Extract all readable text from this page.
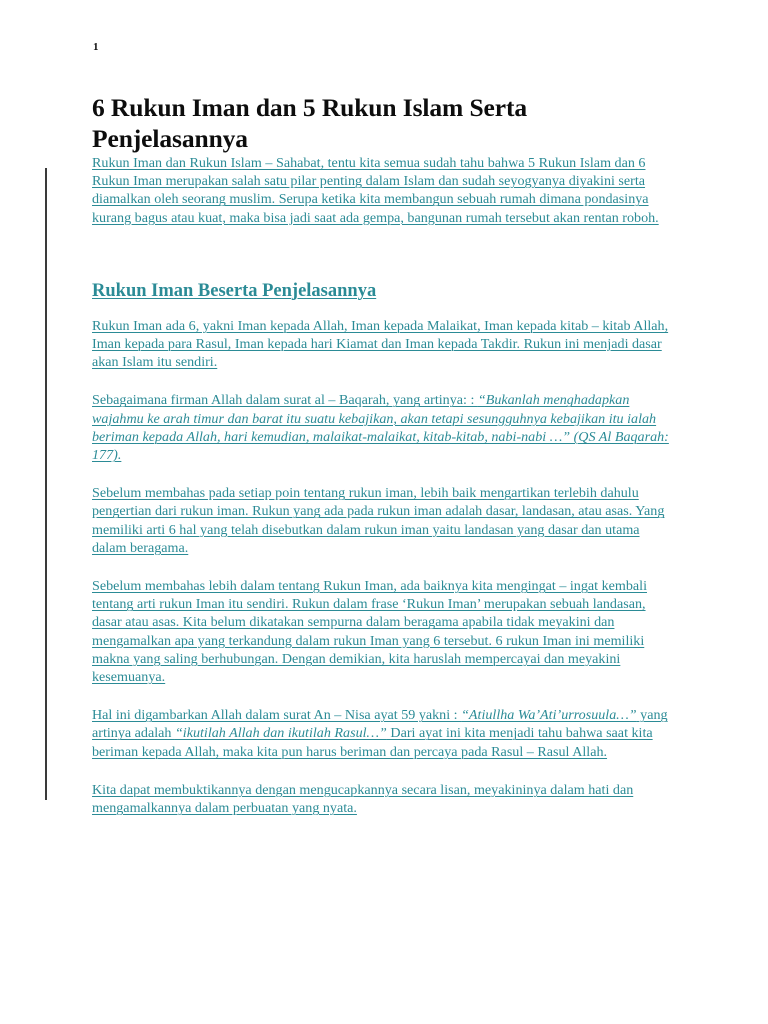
1
6 Rukun Iman dan 5 Rukun Islam Serta Penjelasannya

Rukun Iman dan Rukun Islam – Sahabat, tentu kita semua sudah tahu bahwa 5 Rukun Islam dan 6 Rukun Iman merupakan salah satu pilar penting dalam Islam dan sudah seyogyanya diyakini serta diamalkan oleh seorang muslim. Serupa ketika kita membangun sebuah rumah dimana pondasinya kurang bagus atau kuat, maka bisa jadi saat ada gempa, bangunan rumah tersebut akan rentan roboh.

Rukun Iman Beserta Penjelasannya

Rukun Iman ada 6, yakni Iman kepada Allah, Iman kepada Malaikat, Iman kepada kitab – kitab Allah, Iman kepada para Rasul, Iman kepada hari Kiamat dan Iman kepada Takdir. Rukun ini menjadi dasar akan Islam itu sendiri.

Sebagaimana firman Allah dalam surat al – Baqarah, yang artinya: : “Bukanlah menghadapkan wajahmu ke arah timur dan barat itu suatu kebajikan, akan tetapi sesungguhnya kebajikan itu ialah beriman kepada Allah, hari kemudian, malaikat-malaikat, kitab-kitab, nabi-nabi …” (QS Al Baqarah: 177).

Sebelum membahas pada setiap poin tentang rukun iman, lebih baik mengartikan terlebih dahulu pengertian dari rukun iman. Rukun yang ada pada rukun iman adalah dasar, landasan, atau asas. Yang memiliki arti 6 hal yang telah disebutkan dalam rukun iman yaitu landasan yang dasar dan utama dalam beragama.

Sebelum membahas lebih dalam tentang Rukun Iman, ada baiknya kita mengingat – ingat kembali tentang arti rukun Iman itu sendiri. Rukun dalam frase ‘Rukun Iman’ merupakan sebuah landasan, dasar atau asas. Kita belum dikatakan sempurna dalam beragama apabila tidak meyakini dan mengamalkan apa yang terkandung dalam rukun Iman yang 6 tersebut. 6 rukun Iman ini memiliki makna yang saling berhubungan. Dengan demikian, kita haruslah mempercayai dan meyakini kesemuanya.

Hal ini digambarkan Allah dalam surat An – Nisa ayat 59 yakni : “Atiullha Wa’Ati’urrosuula…” yang artinya adalah “ikutilah Allah dan ikutilah Rasul…” Dari ayat ini kita menjadi tahu bahwa saat kita beriman kepada Allah, maka kita pun harus beriman dan percaya pada Rasul – Rasul Allah.

Kita dapat membuktikannya dengan mengucapkannya secara lisan, meyakininya dalam hati dan mengamalkannya dalam perbuatan yang nyata.
